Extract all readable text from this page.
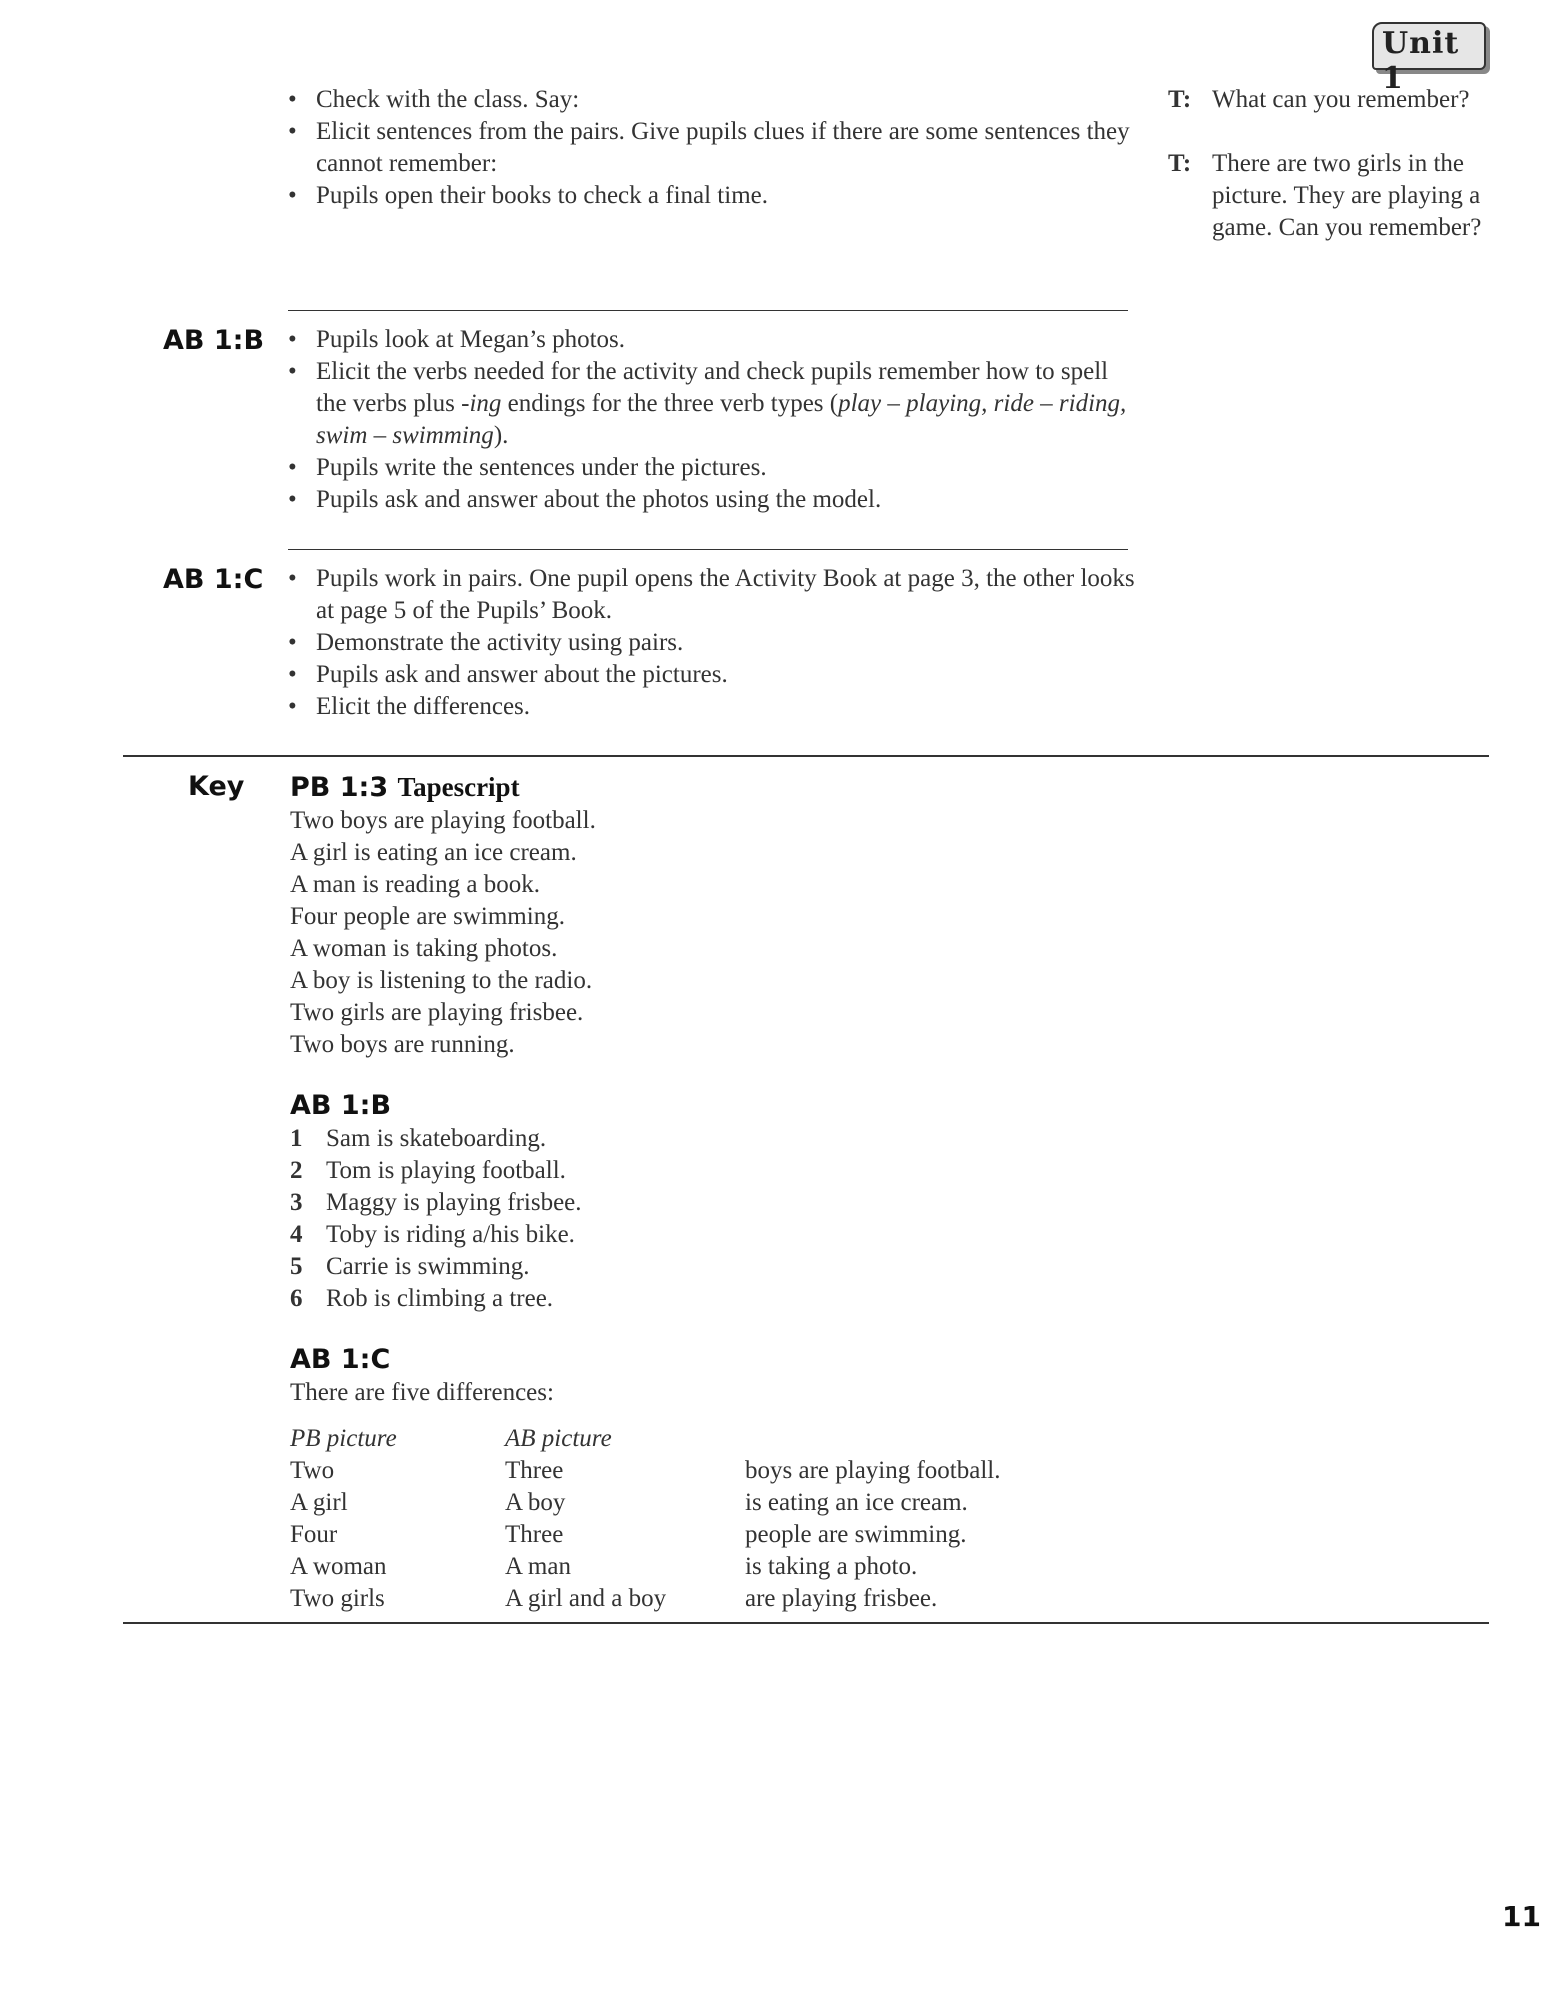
Unit 1
• Check with the class. Say:
• Elicit sentences from the pairs. Give pupils clues if there are some sentences they cannot remember:
• Pupils open their books to check a final time.
T: What can you remember?
T: There are two girls in the picture. They are playing a game. Can you remember?
AB 1:B	• Pupils look at Megan’s photos.
• Elicit the verbs needed for the activity and check pupils remember how to spell the verbs plus -ing endings for the three verb types (play – playing, ride – riding, swim – swimming).
• Pupils write the sentences under the pictures.
• Pupils ask and answer about the photos using the model.
AB 1:C	• Pupils work in pairs. One pupil opens the Activity Book at page 3, the other looks at page 5 of the Pupils’ Book.
• Demonstrate the activity using pairs.
• Pupils ask and answer about the pictures.
• Elicit the differences.
Key PB 1:3 Tapescript
Two boys are playing football.
A girl is eating an ice cream.
A man is reading a book.
Four people are swimming.
A woman is taking photos.
A boy is listening to the radio.
Two girls are playing frisbee.
Two boys are running.
AB 1:B
1 Sam is skateboarding.
2 Tom is playing football.
3 Maggy is playing frisbee.
4 Toby is riding a/his bike.
5 Carrie is swimming.
6 Rob is climbing a tree.
AB 1:C
There are five differences:
PB picture	AB picture	
Two	Three	boys are playing football.
A girl	A boy	is eating an ice cream.
Four	Three	people are swimming.
A woman	A man	is taking a photo.
Two girls	A girl and a boy	are playing frisbee.
11
